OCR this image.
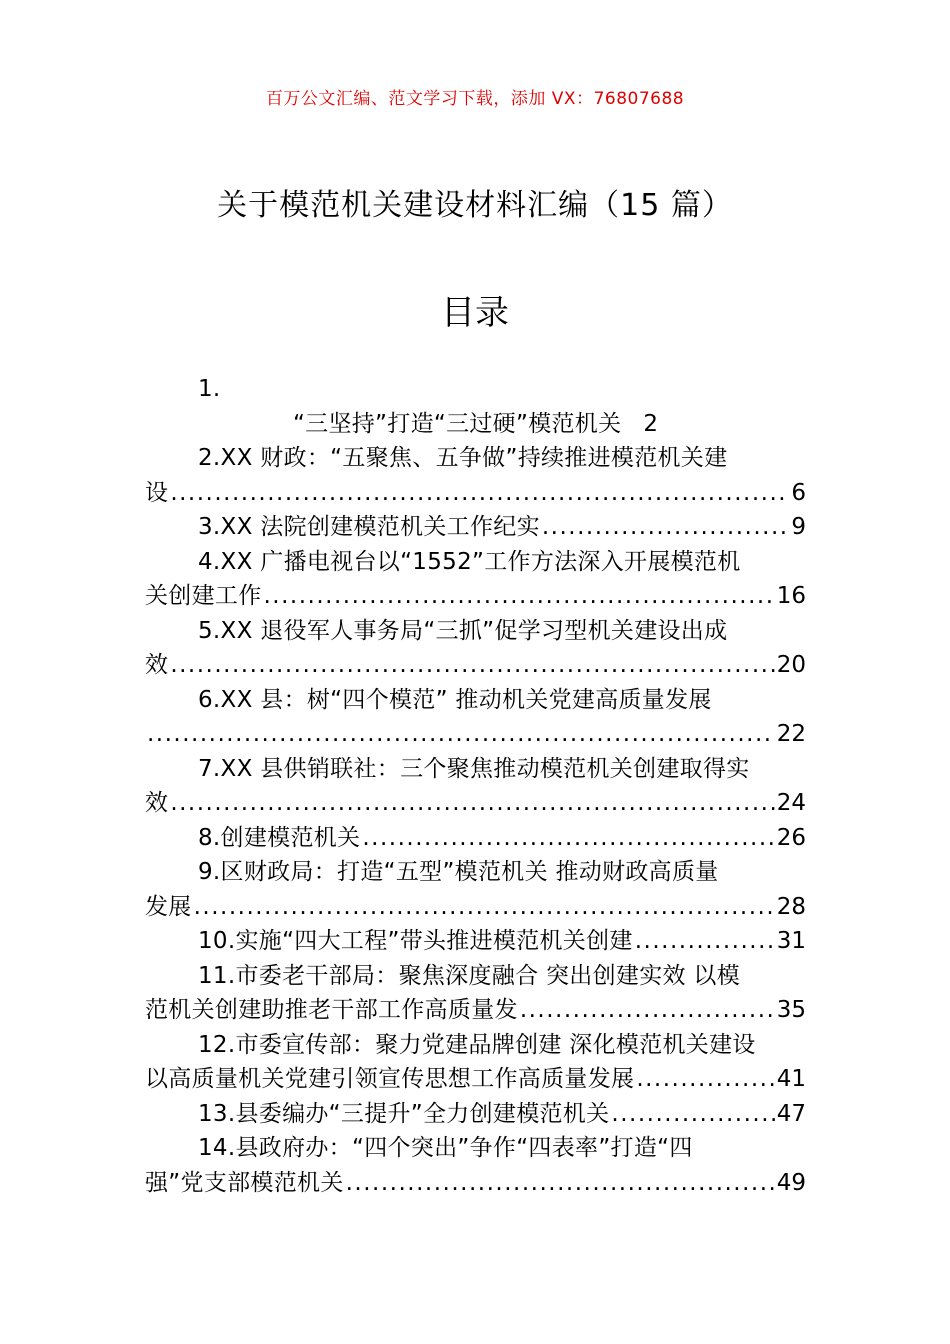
百万公文汇编、范文学习下载，添加 VX：76807688
关于模范机关建设材料汇编（15 篇）
目录
1.
“三坚持”打造“三过硬”模范机关 2
2.XX 财政：“五聚焦、五争做”持续推进模范机关建
设 .....	6
3.XX 法院创建模范机关工作纪实 .....	9
4.XX 广播电视台以“1552”工作方法深入开展模范机
关创建工作 .....	16
5.XX 退役军人事务局“三抓”促学习型机关建设出成
效 .....	20
6.XX 县：树“四个模范” 推动机关党建高质量发展
.....
22
7.XX 县供销联社：三个聚焦推动模范机关创建取得实
效 .....	24
8.创建模范机关 .....	26
9.区财政局：打造“五型”模范机关 推动财政高质量
发展 .....	28
10.实施“四大工程”带头推进模范机关创建 .....	31
11.市委老干部局：聚焦深度融合 突出创建实效 以模
范机关创建助推老干部工作高质量发 .....	35
12.市委宣传部：聚力党建品牌创建 深化模范机关建设
以高质量机关党建引领宣传思想工作高质量发展 .....	41
13.县委编办“三提升”全力创建模范机关 .....	47
14.县政府办：“四个突出”争作“四表率”打造“四
强”党支部模范机关 .....	49
